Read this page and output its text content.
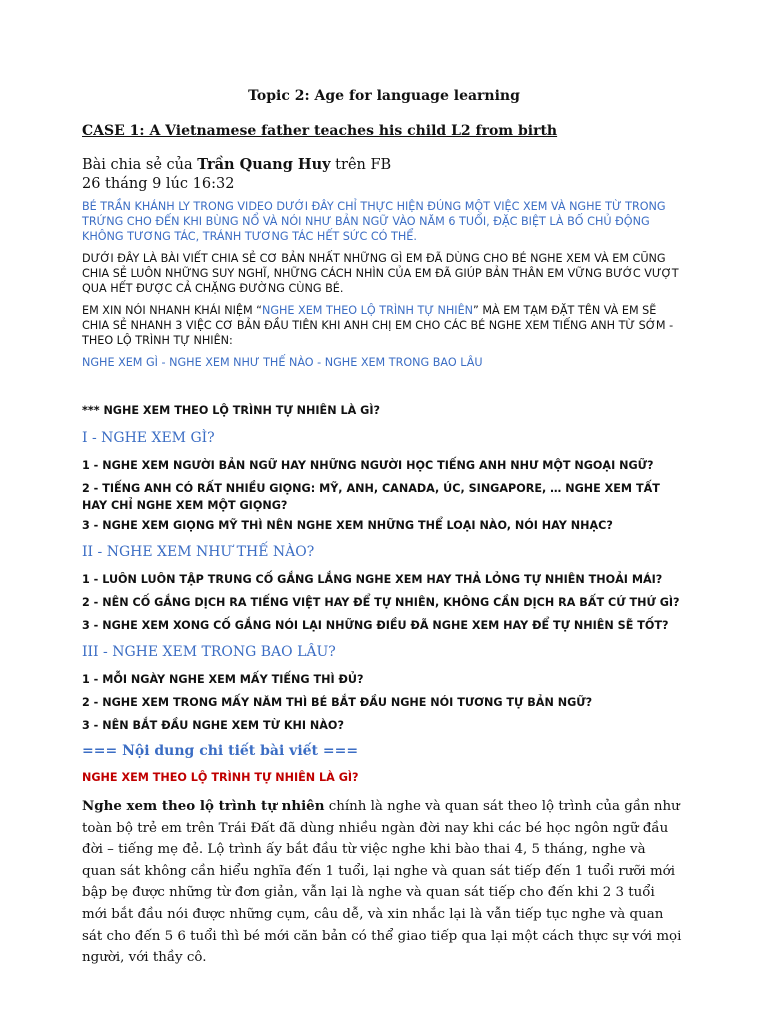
Topic 2: Age for language learning
CASE 1: A Vietnamese father teaches his child L2 from birth
Bài chia sẻ của Trần Quang Huy trên FB
26 tháng 9 lúc 16:32
BÉ TRẦN KHÁNH LY TRONG VIDEO DƯỚI ĐÂY CHỈ THỰC HIỆN ĐÚNG MỘT VIỆC XEM VÀ NGHE TỪ TRONG TRỨNG CHO ĐẾN KHI BÙNG NỔ VÀ NÓI NHƯ BẢN NGỮ VÀO NĂM 6 TUỔI, ĐẶC BIỆT LÀ BỐ CHỦ ĐỘNG KHÔNG TƯƠNG TÁC, TRÁNH TƯƠNG TÁC HẾT SỨC CÓ THỂ.
DƯỚI ĐÂY LÀ BÀI VIẾT CHIA SẺ CƠ BẢN NHẤT NHỮNG GÌ EM ĐÃ DÙNG CHO BÉ NGHE XEM VÀ EM CŨNG CHIA SẺ LUÔN NHỮNG SUY NGHĨ, NHỮNG CÁCH NHÌN CỦA EM ĐÃ GIÚP BẢN THÂN EM VỮNG BƯỚC VƯỢT QUA HẾT ĐƯỢC CẢ CHẶNG ĐƯỜNG CÙNG BÉ.
EM XIN NÓI NHANH KHÁI NIỆM “NGHE XEM THEO LỘ TRÌNH TỰ NHIÊN” MÀ EM TẠM ĐẶT TÊN VÀ EM SẼ CHIA SẺ NHANH 3 VIỆC CƠ BẢN ĐẦU TIÊN KHI ANH CHỊ EM CHO CÁC BÉ NGHE XEM TIẾNG ANH TỪ SỚM - THEO LỘ TRÌNH TỰ NHIÊN:
NGHE XEM GÌ - NGHE XEM NHƯ THẾ NÀO - NGHE XEM TRONG BAO LÂU
*** NGHE XEM THEO LỘ TRÌNH TỰ NHIÊN LÀ GÌ?
I - NGHE XEM GÌ?
1 - NGHE XEM NGƯỜI BẢN NGỮ HAY NHỮNG NGƯỜI HỌC TIẾNG ANH NHƯ MỘT NGOẠI NGỮ?
2 - TIẾNG ANH CÓ RẤT NHIỀU GIỌNG: MỸ, ANH, CANADA, ÚC, SINGAPORE, … NGHE XEM TẤT HAY CHỈ NGHE XEM MỘT GIỌNG?
3 - NGHE XEM GIỌNG MỸ THÌ NÊN NGHE XEM NHỮNG THỂ LOẠI NÀO, NÓI HAY NHẠC?
II - NGHE XEM NHƯ THẾ NÀO?
1 - LUÔN LUÔN TẬP TRUNG CỐ GẮNG LẮNG NGHE XEM HAY THẢ LỎNG TỰ NHIÊN THOẢI MÁI?
2 - NÊN CỐ GẮNG DỊCH RA TIẾNG VIỆT HAY ĐỂ TỰ NHIÊN, KHÔNG CẦN DỊCH RA BẤT CỨ THỨ GÌ?
3 - NGHE XEM XONG CỐ GẮNG NÓI LẠI NHỮNG ĐIỀU ĐÃ NGHE XEM HAY ĐỂ TỰ NHIÊN SẼ TỐT?
III - NGHE XEM TRONG BAO LÂU?
1 - MỖI NGÀY NGHE XEM MẤY TIẾNG THÌ ĐỦ?
2 - NGHE XEM TRONG MẤY NĂM THÌ BÉ BẮT ĐẦU NGHE NÓI TƯƠNG TỰ BẢN NGỮ?
3 - NÊN BẮT ĐẦU NGHE XEM TỪ KHI NÀO?
=== Nội dung chi tiết bài viết ===
NGHE XEM THEO LỘ TRÌNH TỰ NHIÊN LÀ GÌ?
Nghe xem theo lộ trình tự nhiên chính là nghe và quan sát theo lộ trình của gần như toàn bộ trẻ em trên Trái Đất đã dùng nhiều ngàn đời nay khi các bé học ngôn ngữ đầu đời – tiếng mẹ đẻ. Lộ trình ấy bắt đầu từ việc nghe khi bào thai 4, 5 tháng, nghe và quan sát không cần hiểu nghĩa đến 1 tuổi, lại nghe và quan sát tiếp đến 1 tuổi rưỡi mới bập bẹ được những từ đơn giản, vẫn lại là nghe và quan sát tiếp cho đến khi 2 3 tuổi mới bắt đầu nói được những cụm, câu dễ, và xin nhắc lại là vẫn tiếp tục nghe và quan sát cho đến 5 6 tuổi thì bé mới căn bản có thể giao tiếp qua lại một cách thực sự với mọi người, với thầy cô.
